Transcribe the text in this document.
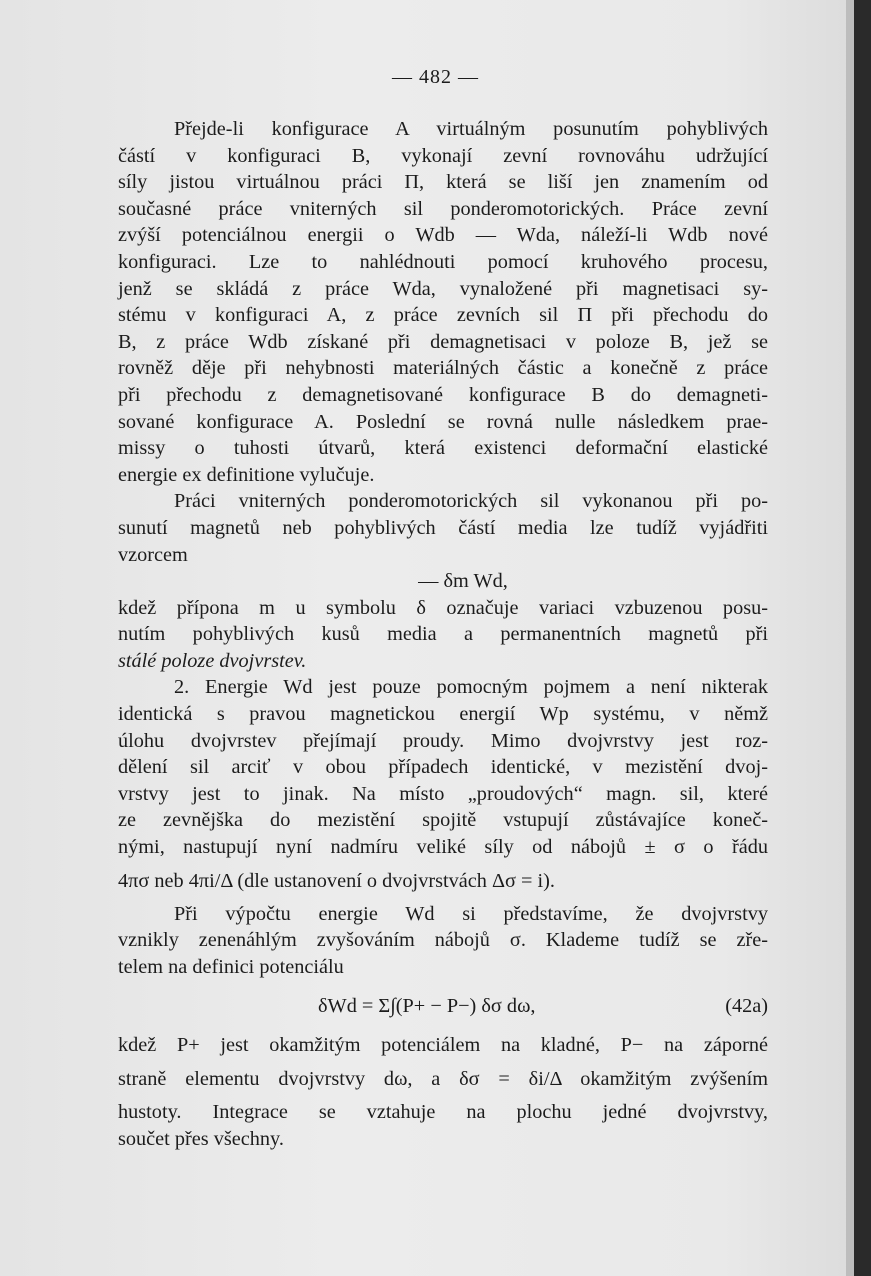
— 482 —
Přejde-li konfigurace A virtuálným posunutím pohyblivých
částí v konfiguraci B, vykonají zevní rovnováhu udržující
síly jistou virtuálnou práci Π, která se liší jen znamením od
současné práce vniterných sil ponderomotorických. Práce zevní
zvýší potenciálnou energii o Wdb — Wda, náleží-li Wdb nové
konfiguraci. Lze to nahlédnouti pomocí kruhového procesu,
jenž se skládá z práce Wda, vynaložené při magnetisaci sy-
stému v konfiguraci A, z práce zevních sil Π při přechodu do
B, z práce Wdb získané při demagnetisaci v poloze B, jež se
rovněž děje při nehybnosti materiálných částic a konečně z práce
při přechodu z demagnetisované konfigurace B do demagneti-
sované konfigurace A. Poslední se rovná nulle následkem prae-
missy o tuhosti útvarů, která existenci deformační elastické
energie ex definitione vylučuje.
Práci vniterných ponderomotorických sil vykonanou při po-
sunutí magnetů neb pohyblivých částí media lze tudíž vyjádřiti
vzorcem
— δm Wd,
kdež přípona m u symbolu δ označuje variaci vzbuzenou posu-
nutím pohyblivých kusů media a permanentních magnetů při
stálé poloze dvojvrstev.
2. Energie Wd jest pouze pomocným pojmem a není nikterak
identická s pravou magnetickou energií Wp systému, v němž
úlohu dvojvrstev přejímají proudy. Mimo dvojvrstvy jest roz-
dělení sil arciť v obou případech identické, v mezistění dvoj-
vrstvy jest to jinak. Na místo „proudových“ magn. sil, které
ze zevnějška do mezistění spojitě vstupují zůstávajíce koneč-
nými, nastupují nyní nadmíru veliké síly od nábojů ± σ o řádu
4πσ neb 4πi/Δ (dle ustanovení o dvojvrstvách Δσ = i).
Při výpočtu energie Wd si představíme, že dvojvrstvy
vznikly zenenáhlým zvyšováním nábojů σ. Klademe tudíž se zře-
telem na definici potenciálu
δWd = Σ∫(P+ − P−) δσ dω,	(42a)
kdež P+ jest okamžitým potenciálem na kladné, P− na záporné
straně elementu dvojvrstvy dω, a δσ = δi/Δ okamžitým zvýšením
hustoty. Integrace se vztahuje na plochu jedné dvojvrstvy,
součet přes všechny.
